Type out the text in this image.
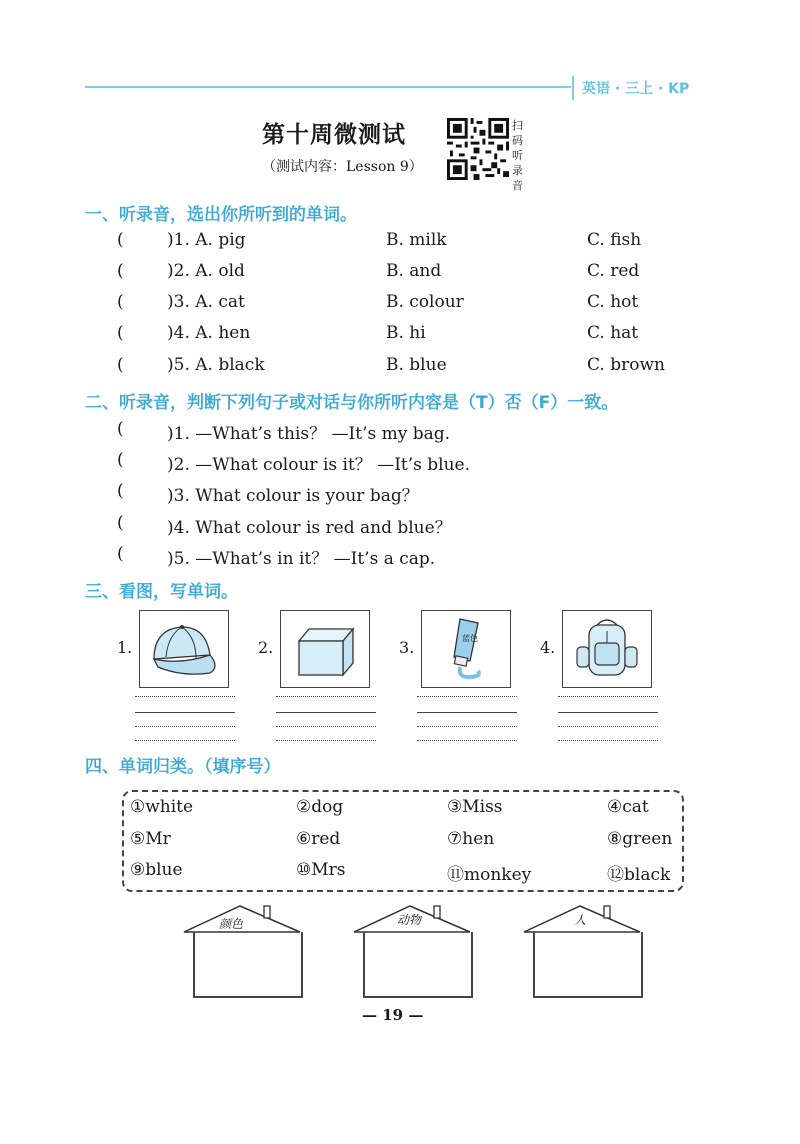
英语 · 三上 · KP
第十周微测试
（测试内容：Lesson 9）
扫
码
听
录
音
一、听录音，选出你所听到的单词。
(	)1. A. pig	B. milk	C. fish
(	)2. A. old	B. and	C. red
(	)3. A. cat	B. colour	C. hot
(	)4. A. hen	B. hi	C. hat
(	)5. A. black	B. blue	C. brown
二、听录音，判断下列句子或对话与你所听内容是（T）否（F）一致。
(	)1. —What’s this？ —It’s my bag.
(	)2. —What colour is it？ —It’s blue.
(	)3. What colour is your bag？
(	)4. What colour is red and blue？
(	)5. —What’s in it？ —It’s a cap.
三、看图，写单词。
1.	2.	3.	蓝色	4.
四、单词归类。（填序号）
①white	②dog	③Miss	④cat
⑤Mr	⑥red	⑦hen	⑧green
⑨blue	⑩Mrs	⑪monkey	⑫black
颜色	动物	人
— 19 —
